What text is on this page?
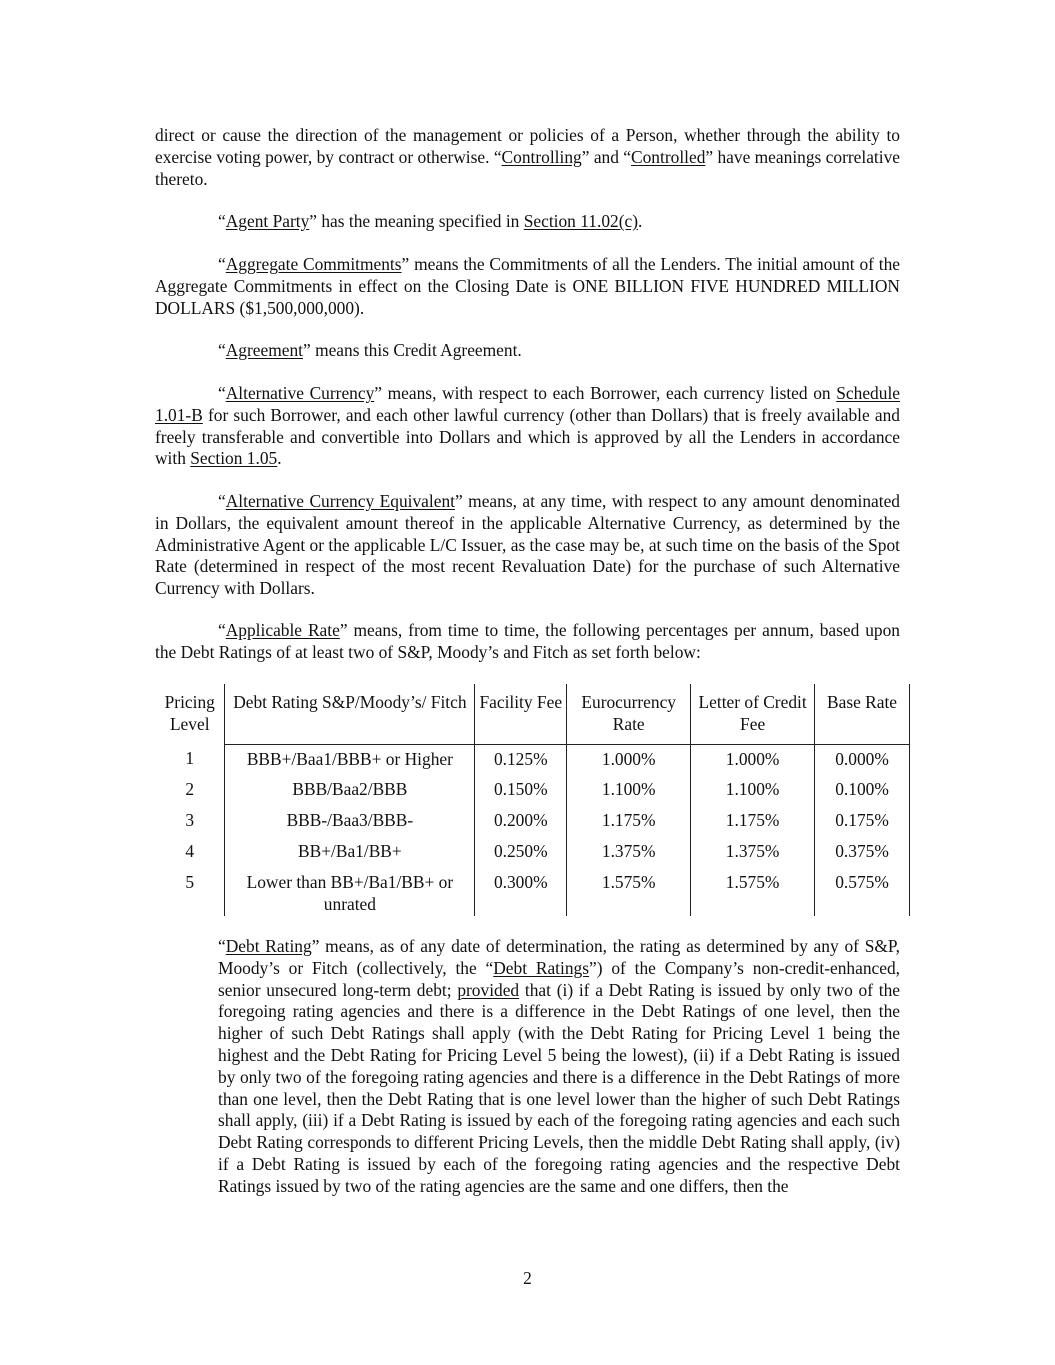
direct or cause the direction of the management or policies of a Person, whether through the ability to exercise voting power, by contract or otherwise. “Controlling” and “Controlled” have meanings correlative thereto.

“Agent Party” has the meaning specified in Section 11.02(c).

“Aggregate Commitments” means the Commitments of all the Lenders. The initial amount of the Aggregate Commitments in effect on the Closing Date is ONE BILLION FIVE HUNDRED MILLION DOLLARS ($1,500,000,000).

“Agreement” means this Credit Agreement.

“Alternative Currency” means, with respect to each Borrower, each currency listed on Schedule 1.01-B for such Borrower, and each other lawful currency (other than Dollars) that is freely available and freely transferable and convertible into Dollars and which is approved by all the Lenders in accordance with Section 1.05.

“Alternative Currency Equivalent” means, at any time, with respect to any amount denominated in Dollars, the equivalent amount thereof in the applicable Alternative Currency, as determined by the Administrative Agent or the applicable L/C Issuer, as the case may be, at such time on the basis of the Spot Rate (determined in respect of the most recent Revaluation Date) for the purchase of such Alternative Currency with Dollars.

“Applicable Rate” means, from time to time, the following percentages per annum, based upon the Debt Ratings of at least two of S&P, Moody’s and Fitch as set forth below:

Pricing Level	Debt Rating S&P/Moody’s/ Fitch	Facility Fee	Eurocurrency Rate	Letter of Credit Fee	Base Rate
1	BBB+/Baa1/BBB+ or Higher	0.125%	1.000%	1.000%	0.000%
2	BBB/Baa2/BBB	0.150%	1.100%	1.100%	0.100%
3	BBB-/Baa3/BBB-	0.200%	1.175%	1.175%	0.175%
4	BB+/Ba1/BB+	0.250%	1.375%	1.375%	0.375%
5	Lower than BB+/Ba1/BB+ or unrated	0.300%	1.575%	1.575%	0.575%

“Debt Rating” means, as of any date of determination, the rating as determined by any of S&P, Moody’s or Fitch (collectively, the “Debt Ratings”) of the Company’s non-credit-enhanced, senior unsecured long-term debt; provided that (i) if a Debt Rating is issued by only two of the foregoing rating agencies and there is a difference in the Debt Ratings of one level, then the higher of such Debt Ratings shall apply (with the Debt Rating for Pricing Level 1 being the highest and the Debt Rating for Pricing Level 5 being the lowest), (ii) if a Debt Rating is issued by only two of the foregoing rating agencies and there is a difference in the Debt Ratings of more than one level, then the Debt Rating that is one level lower than the higher of such Debt Ratings shall apply, (iii) if a Debt Rating is issued by each of the foregoing rating agencies and each such Debt Rating corresponds to different Pricing Levels, then the middle Debt Rating shall apply, (iv) if a Debt Rating is issued by each of the foregoing rating agencies and the respective Debt Ratings issued by two of the rating agencies are the same and one differs, then the

2
